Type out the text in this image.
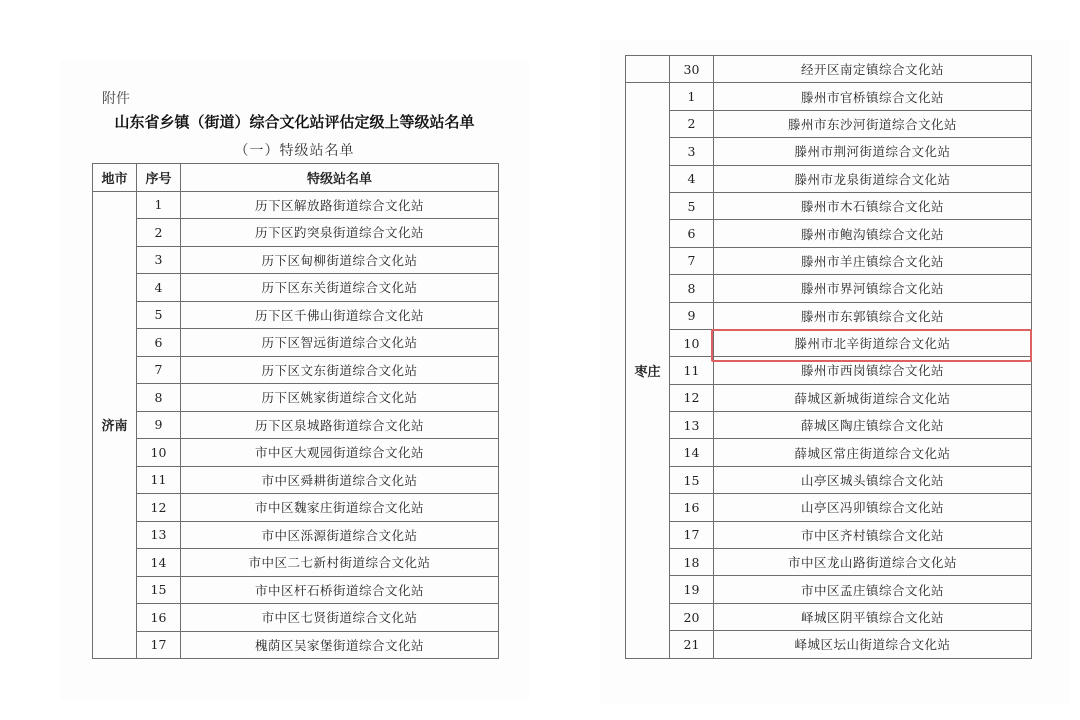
附件
山东省乡镇（街道）综合文化站评估定级上等级站名单
（一）特级站名单
地市	序号	特级站名单
济南	1	历下区解放路街道综合文化站
	2	历下区趵突泉街道综合文化站
	3	历下区甸柳街道综合文化站
	4	历下区东关街道综合文化站
	5	历下区千佛山街道综合文化站
	6	历下区智远街道综合文化站
	7	历下区文东街道综合文化站
	8	历下区姚家街道综合文化站
	9	历下区泉城路街道综合文化站
	10	市中区大观园街道综合文化站
	11	市中区舜耕街道综合文化站
	12	市中区魏家庄街道综合文化站
	13	市中区泺源街道综合文化站
	14	市中区二七新村街道综合文化站
	15	市中区杆石桥街道综合文化站
	16	市中区七贤街道综合文化站
	17	槐荫区吴家堡街道综合文化站
	30	经开区南定镇综合文化站
枣庄	1	滕州市官桥镇综合文化站
	2	滕州市东沙河街道综合文化站
	3	滕州市荆河街道综合文化站
	4	滕州市龙泉街道综合文化站
	5	滕州市木石镇综合文化站
	6	滕州市鲍沟镇综合文化站
	7	滕州市羊庄镇综合文化站
	8	滕州市界河镇综合文化站
	9	滕州市东郭镇综合文化站
	10	滕州市北辛街道综合文化站
	11	滕州市西岗镇综合文化站
	12	薛城区新城街道综合文化站
	13	薛城区陶庄镇综合文化站
	14	薛城区常庄街道综合文化站
	15	山亭区城头镇综合文化站
	16	山亭区冯卯镇综合文化站
	17	市中区齐村镇综合文化站
	18	市中区龙山路街道综合文化站
	19	市中区孟庄镇综合文化站
	20	峄城区阴平镇综合文化站
	21	峄城区坛山街道综合文化站
